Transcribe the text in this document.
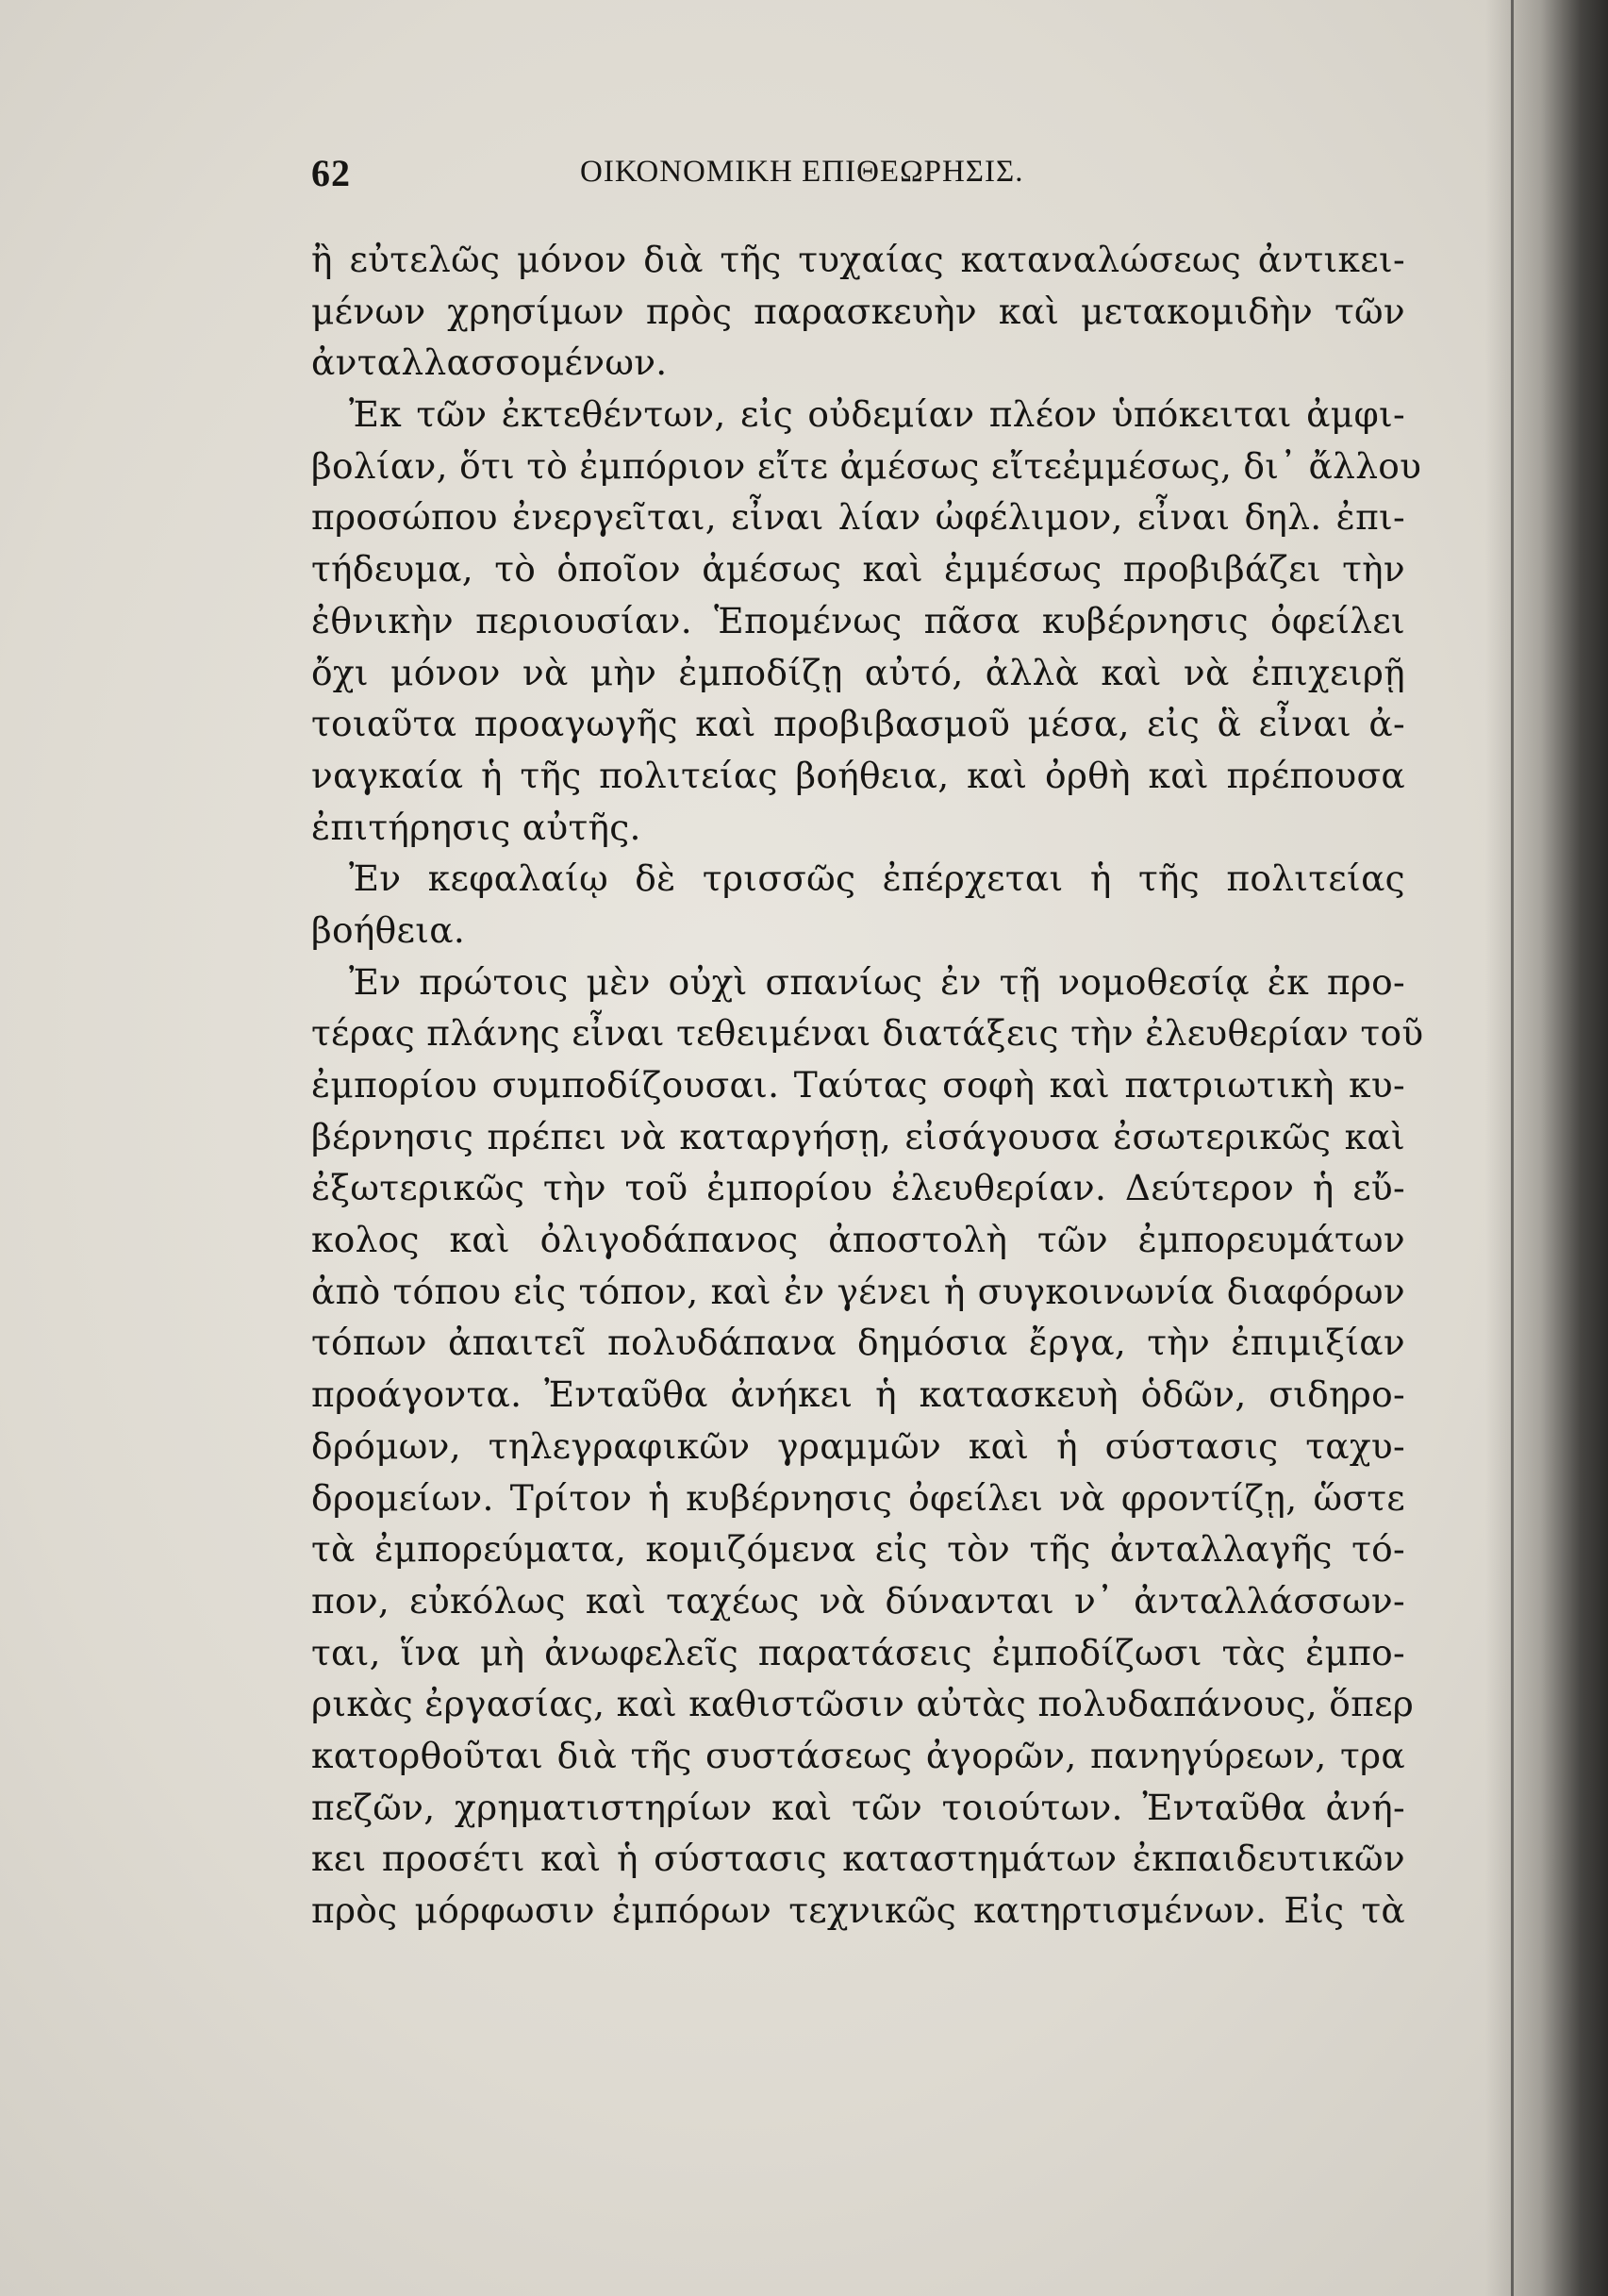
62	ΟΙΚΟΝΟΜΙΚΗ ΕΠΙΘΕΩΡΗΣΙΣ.
ἢ εὐτελῶς μόνον διὰ τῆς τυχαίας καταναλώσεως ἀντικει-
μένων χρησίμων πρὸς παρασκευὴν καὶ μετακομιδὴν τῶν
ἀνταλλασσομένων.
Ἐκ τῶν ἐκτεθέντων, εἰς οὐδεμίαν πλέον ὑπόκειται ἀμφι-
βολίαν, ὅτι τὸ ἐμπόριον εἴτε ἀμέσως εἴτεἐμμέσως, δι᾽ ἄλλου
προσώπου ἐνεργεῖται, εἶναι λίαν ὠφέλιμον, εἶναι δηλ. ἐπι-
τήδευμα, τὸ ὁποῖον ἀμέσως καὶ ἐμμέσως προβιβάζει τὴν
ἐθνικὴν περιουσίαν. Ἑπομένως πᾶσα κυβέρνησις ὀφείλει
ὄχι μόνον νὰ μὴν ἐμποδίζῃ αὐτό, ἀλλὰ καὶ νὰ ἐπιχειρῇ
τοιαῦτα προαγωγῆς καὶ προβιβασμοῦ μέσα, εἰς ἃ εἶναι ἀ-
ναγκαία ἡ τῆς πολιτείας βοήθεια, καὶ ὀρθὴ καὶ πρέπουσα
ἐπιτήρησις αὐτῆς.
Ἐν κεφαλαίῳ δὲ τρισσῶς ἐπέρχεται ἡ τῆς πολιτείας
βοήθεια.
Ἐν πρώτοις μὲν οὐχὶ σπανίως ἐν τῇ νομοθεσίᾳ ἐκ προ-
τέρας πλάνης εἶναι τεθειμέναι διατάξεις τὴν ἐλευθερίαν τοῦ
ἐμπορίου συμποδίζουσαι. Ταύτας σοφὴ καὶ πατριωτικὴ κυ-
βέρνησις πρέπει νὰ καταργήσῃ, εἰσάγουσα ἐσωτερικῶς καὶ
ἐξωτερικῶς τὴν τοῦ ἐμπορίου ἐλευθερίαν. Δεύτερον ἡ εὔ-
κολος καὶ ὀλιγοδάπανος ἀποστολὴ τῶν ἐμπορευμάτων
ἀπὸ τόπου εἰς τόπον, καὶ ἐν γένει ἡ συγκοινωνία διαφόρων
τόπων ἀπαιτεῖ πολυδάπανα δημόσια ἔργα, τὴν ἐπιμιξίαν
προάγοντα. Ἐνταῦθα ἀνήκει ἡ κατασκευὴ ὁδῶν, σιδηρο-
δρόμων, τηλεγραφικῶν γραμμῶν καὶ ἡ σύστασις ταχυ-
δρομείων. Τρίτον ἡ κυβέρνησις ὀφείλει νὰ φροντίζῃ, ὥστε
τὰ ἐμπορεύματα, κομιζόμενα εἰς τὸν τῆς ἀνταλλαγῆς τό-
πον, εὐκόλως καὶ ταχέως νὰ δύνανται ν᾽ ἀνταλλάσσων-
ται, ἵνα μὴ ἀνωφελεῖς παρατάσεις ἐμποδίζωσι τὰς ἐμπο-
ρικὰς ἐργασίας, καὶ καθιστῶσιν αὐτὰς πολυδαπάνους, ὅπερ
κατορθοῦται διὰ τῆς συστάσεως ἀγορῶν, πανηγύρεων, τρα
πεζῶν, χρηματιστηρίων καὶ τῶν τοιούτων. Ἐνταῦθα ἀνή-
κει προσέτι καὶ ἡ σύστασις καταστημάτων ἐκπαιδευτικῶν
πρὸς μόρφωσιν ἐμπόρων τεχνικῶς κατηρτισμένων. Εἰς τὰ
